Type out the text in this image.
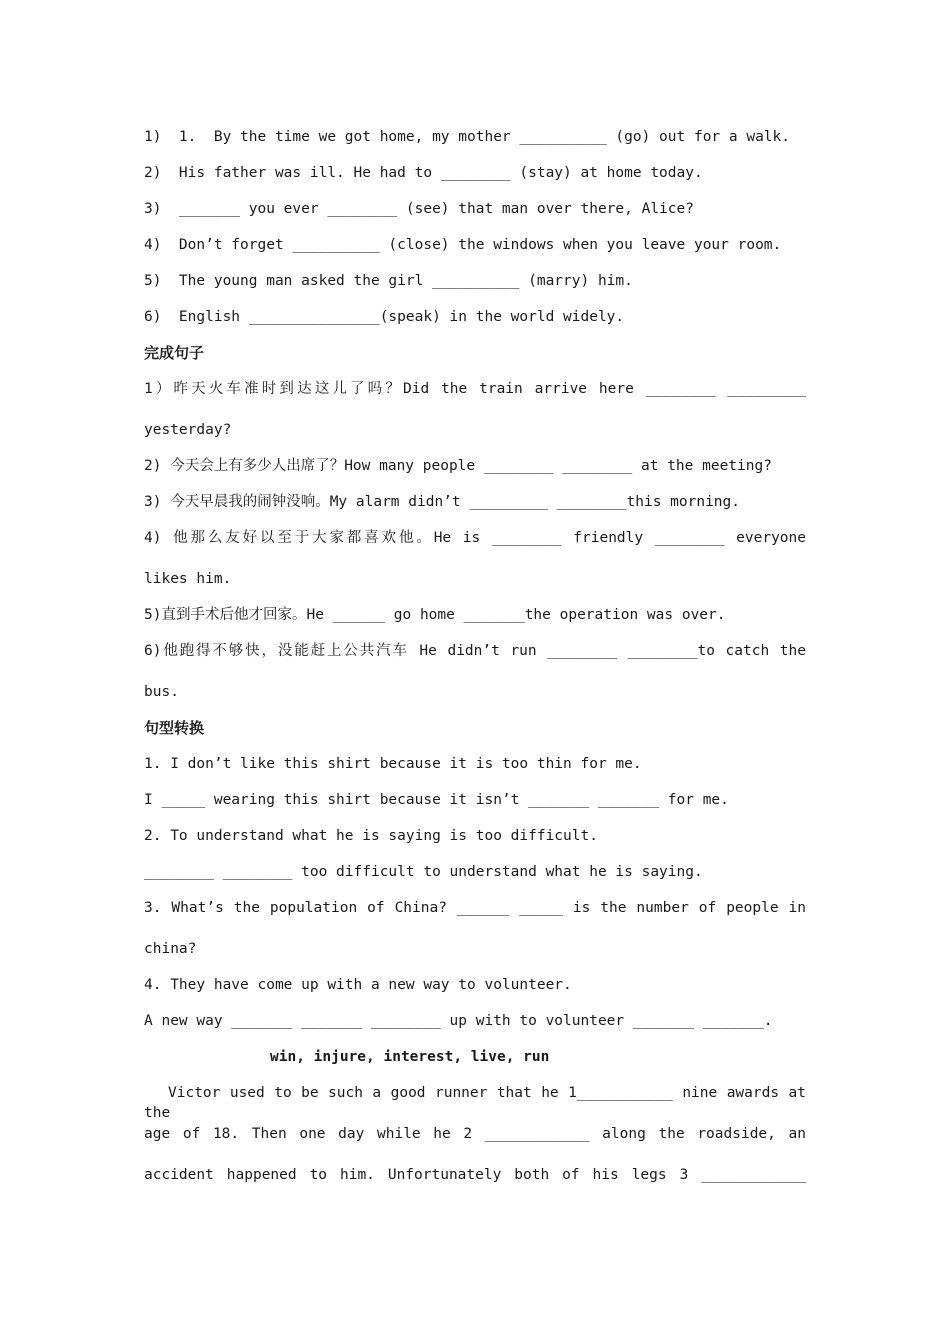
1)  1.  By the time we got home, my mother __________ (go) out for a walk.
2)  His father was ill. He had to ________ (stay) at home today.
3)  _______ you ever ________ (see) that man over there, Alice?
4)  Don’t forget __________ (close) the windows when you leave your room.
5)  The young man asked the girl __________ (marry) him.
6)  English _______________(speak) in the world widely.
完成句子
1）昨天火车准时到达这儿了吗？Did the train arrive here ________ _________
yesterday?
2) 今天会上有多少人出席了？How many people ________ ________ at the meeting?
3) 今天早晨我的闹钟没响。My alarm didn’t _________ ________this morning.
4) 他那么友好以至于大家都喜欢他。He is ________ friendly ________ everyone
likes him.
5)直到手术后他才回家。He ______ go home _______the operation was over.
6)他跑得不够快，没能赶上公共汽车 He didn’t run ________ ________to catch the
bus.
句型转换
1. I don’t like this shirt because it is too thin for me.
I _____ wearing this shirt because it isn’t _______ _______ for me.
2. To understand what he is saying is too difficult.
________ ________ too difficult to understand what he is saying.
3. What’s the population of China? ______ _____ is the number of people in
china?
4. They have come up with a new way to volunteer.
A new way _______ _______ ________ up with to volunteer _______ _______.
win, injure, interest, live, run
Victor used to be such a good runner that he 1___________ nine awards at the
age of 18. Then one day while he 2 ____________ along the roadside, an
accident happened to him. Unfortunately both of his legs 3 ____________
